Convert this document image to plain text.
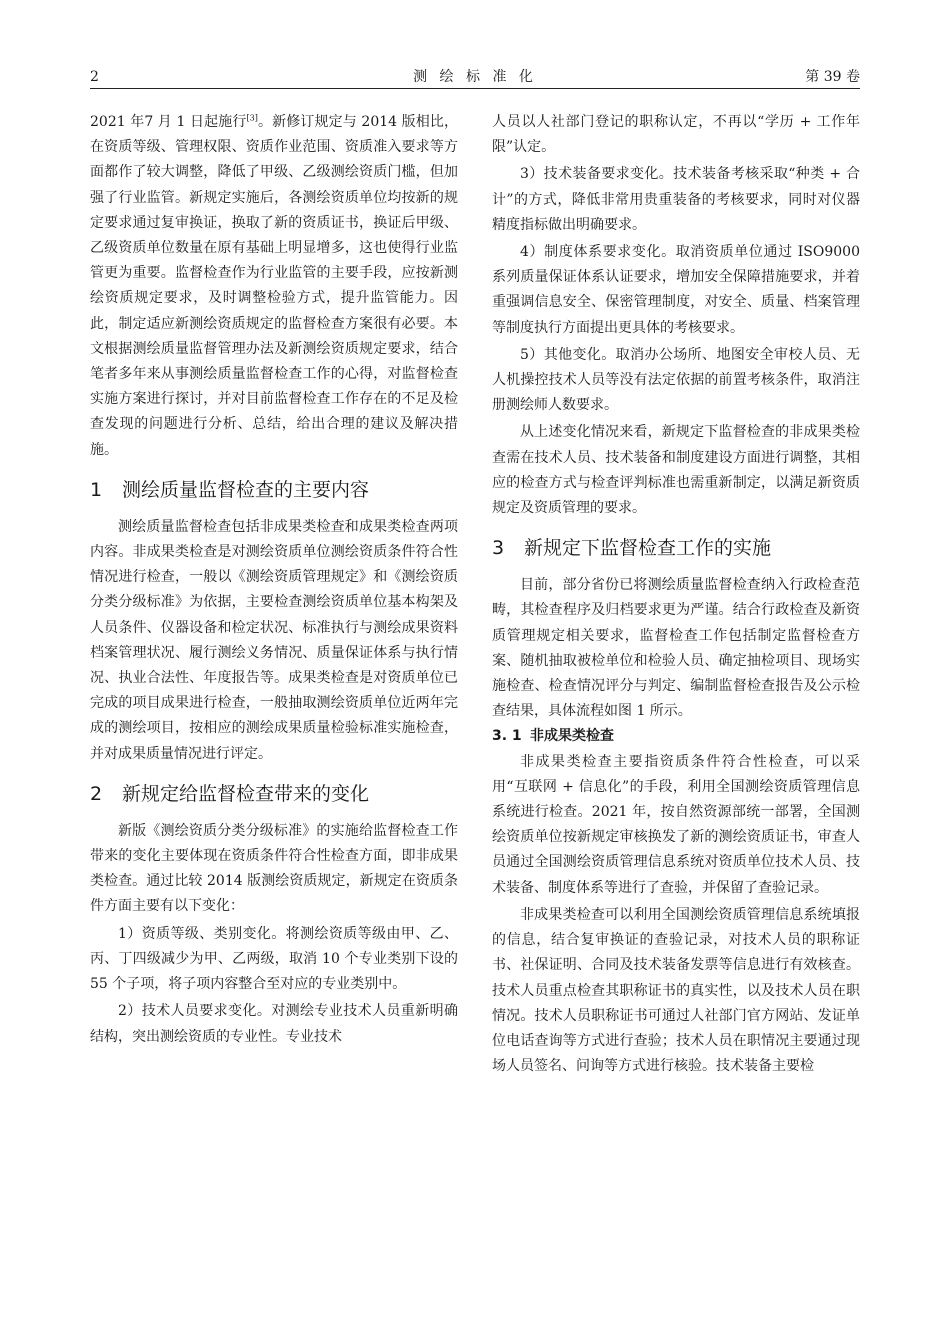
2	测 绘 标 准 化	第 39 卷

2021 年7 月 1 日起施行[3]。新修订规定与 2014 版相比，在资质等级、管理权限、资质作业范围、资质准入要求等方面都作了较大调整，降低了甲级、乙级测绘资质门槛，但加强了行业监管。新规定实施后，各测绘资质单位均按新的规定要求通过复审换证，换取了新的资质证书，换证后甲级、乙级资质单位数量在原有基础上明显增多，这也使得行业监管更为重要。监督检查作为行业监管的主要手段，应按新测绘资质规定要求，及时调整检验方式，提升监管能力。因此，制定适应新测绘资质规定的监督检查方案很有必要。本文根据测绘质量监督管理办法及新测绘资质规定要求，结合笔者多年来从事测绘质量监督检查工作的心得，对监督检查实施方案进行探讨，并对目前监督检查工作存在的不足及检查发现的问题进行分析、总结，给出合理的建议及解决措施。

1 测绘质量监督检查的主要内容

测绘质量监督检查包括非成果类检查和成果类检查两项内容。非成果类检查是对测绘资质单位测绘资质条件符合性情况进行检查，一般以《测绘资质管理规定》和《测绘资质分类分级标准》为依据，主要检查测绘资质单位基本构架及人员条件、仪器设备和检定状况、标准执行与测绘成果资料档案管理状况、履行测绘义务情况、质量保证体系与执行情况、执业合法性、年度报告等。成果类检查是对资质单位已完成的项目成果进行检查，一般抽取测绘资质单位近两年完成的测绘项目，按相应的测绘成果质量检验标准实施检查，并对成果质量情况进行评定。

2 新规定给监督检查带来的变化

新版《测绘资质分类分级标准》的实施给监督检查工作带来的变化主要体现在资质条件符合性检查方面，即非成果类检查。通过比较 2014 版测绘资质规定，新规定在资质条件方面主要有以下变化：

1）资质等级、类别变化。将测绘资质等级由甲、乙、丙、丁四级减少为甲、乙两级，取消 10 个专业类别下设的 55 个子项，将子项内容整合至对应的专业类别中。

2）技术人员要求变化。对测绘专业技术人员重新明确结构，突出测绘资质的专业性。专业技术

人员以人社部门登记的职称认定，不再以“学历 + 工作年限”认定。

3）技术装备要求变化。技术装备考核采取“种类 + 合计”的方式，降低非常用贵重装备的考核要求，同时对仪器精度指标做出明确要求。

4）制度体系要求变化。取消资质单位通过 ISO9000 系列质量保证体系认证要求，增加安全保障措施要求，并着重强调信息安全、保密管理制度，对安全、质量、档案管理等制度执行方面提出更具体的考核要求。

5）其他变化。取消办公场所、地图安全审校人员、无人机操控技术人员等没有法定依据的前置考核条件，取消注册测绘师人数要求。

从上述变化情况来看，新规定下监督检查的非成果类检查需在技术人员、技术装备和制度建设方面进行调整，其相应的检查方式与检查评判标准也需重新制定，以满足新资质规定及资质管理的要求。

3 新规定下监督检查工作的实施

目前，部分省份已将测绘质量监督检查纳入行政检查范畴，其检查程序及归档要求更为严谨。结合行政检查及新资质管理规定相关要求，监督检查工作包括制定监督检查方案、随机抽取被检单位和检验人员、确定抽检项目、现场实施检查、检查情况评分与判定、编制监督检查报告及公示检查结果，具体流程如图 1 所示。

3. 1 非成果类检查

非成果类检查主要指资质条件符合性检查，可以采用“互联网 + 信息化”的手段，利用全国测绘资质管理信息系统进行检查。2021 年，按自然资源部统一部署，全国测绘资质单位按新规定审核换发了新的测绘资质证书，审查人员通过全国测绘资质管理信息系统对资质单位技术人员、技术装备、制度体系等进行了查验，并保留了查验记录。

非成果类检查可以利用全国测绘资质管理信息系统填报的信息，结合复审换证的查验记录，对技术人员的职称证书、社保证明、合同及技术装备发票等信息进行有效核查。技术人员重点检查其职称证书的真实性，以及技术人员在职情况。技术人员职称证书可通过人社部门官方网站、发证单位电话查询等方式进行查验；技术人员在职情况主要通过现场人员签名、问询等方式进行核验。技术装备主要检
